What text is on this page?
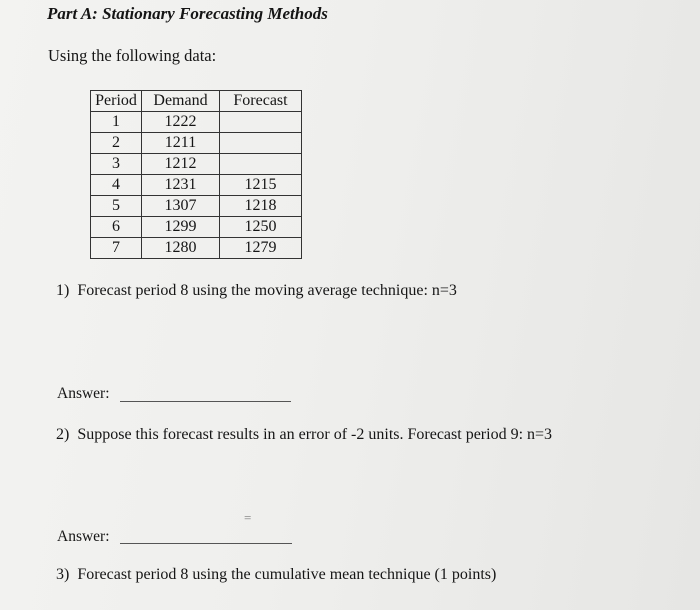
Part A: Stationary Forecasting Methods
Using the following data:
Period	Demand	Forecast
1	1222	
2	1211	
3	1212	
4	1231	1215
5	1307	1218
6	1299	1250
7	1280	1279
1)  Forecast period 8 using the moving average technique: n=3
Answer:
2)  Suppose this forecast results in an error of -2 units. Forecast period 9: n=3
=
Answer:
3)  Forecast period 8 using the cumulative mean technique (1 points)
